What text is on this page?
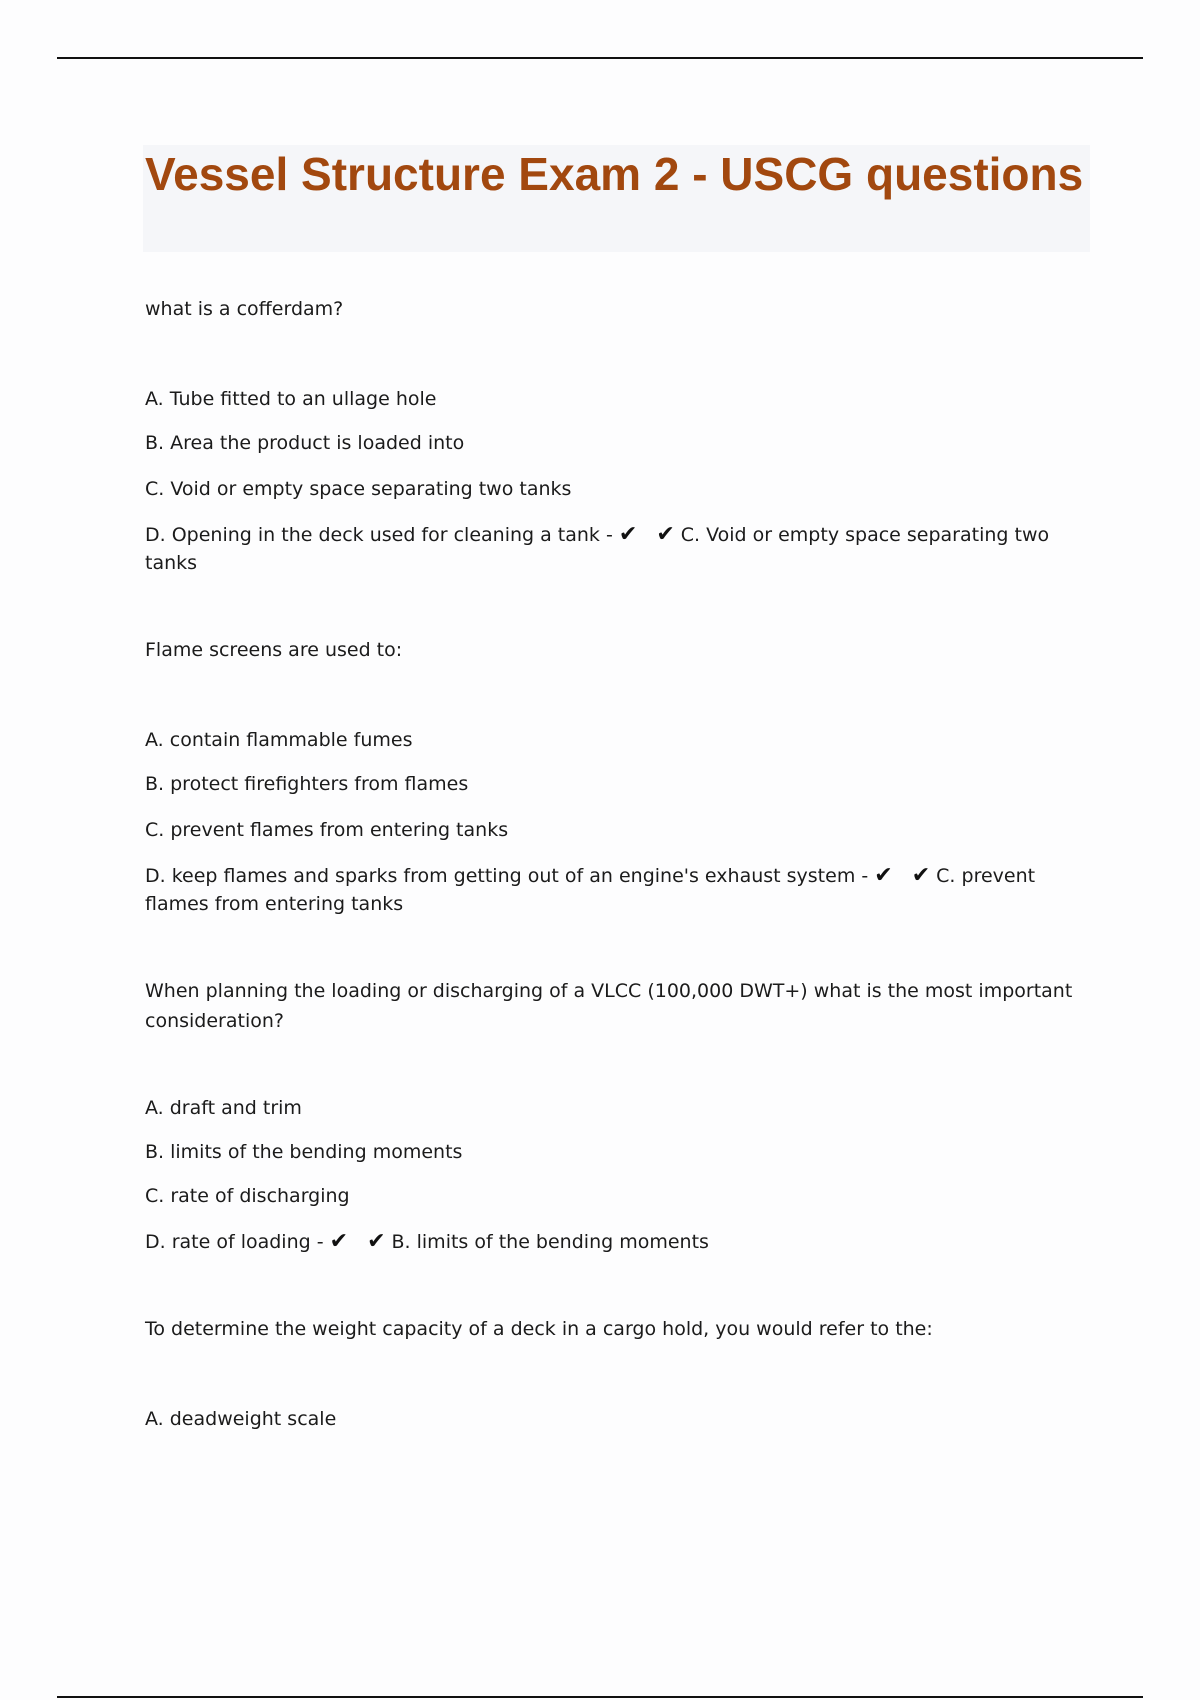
Vessel Structure Exam 2 - USCG questions

what is a cofferdam?

A. Tube fitted to an ullage hole

B. Area the product is loaded into

C. Void or empty space separating two tanks

D. Opening in the deck used for cleaning a tank - ✔ ✔C. Void or empty space separating two tanks

Flame screens are used to:

A. contain flammable fumes

B. protect firefighters from flames

C. prevent flames from entering tanks

D. keep flames and sparks from getting out of an engine's exhaust system - ✔ ✔C. prevent flames from entering tanks

When planning the loading or discharging of a VLCC (100,000 DWT+) what is the most important consideration?

A. draft and trim

B. limits of the bending moments

C. rate of discharging

D. rate of loading - ✔ ✔B. limits of the bending moments

To determine the weight capacity of a deck in a cargo hold, you would refer to the:

A. deadweight scale
